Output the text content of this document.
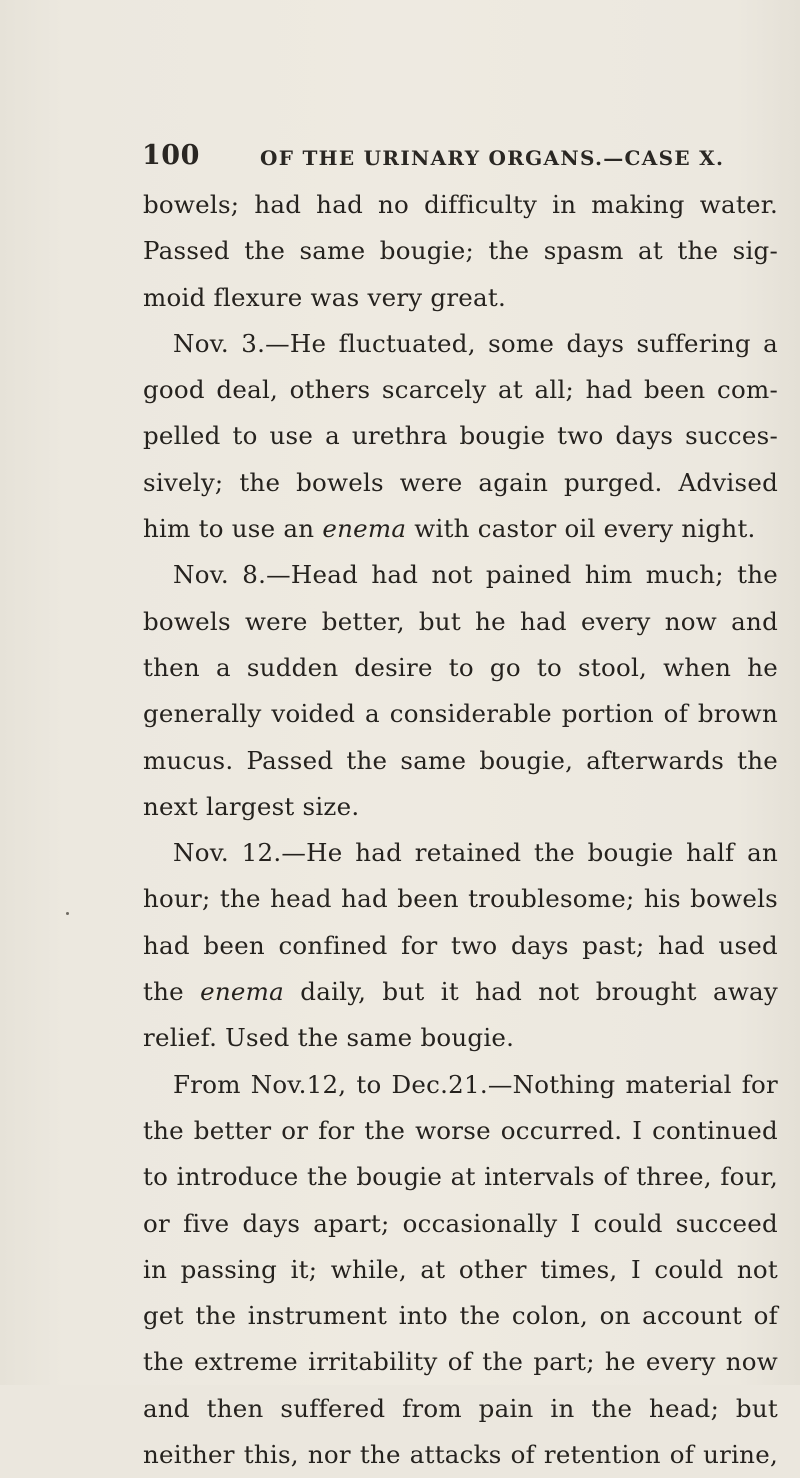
100	OF THE URINARY ORGANS.—CASE X.
bowels; had had no difficulty in making water.
Passed the same bougie; the spasm at the sig-
moid flexure was very great.
Nov. 3.—He fluctuated, some days suffering a
good deal, others scarcely at all; had been com-
pelled to use a urethra bougie two days succes-
sively; the bowels were again purged. Advised
him to use an enema with castor oil every night.
Nov. 8.—Head had not pained him much; the
bowels were better, but he had every now and
then a sudden desire to go to stool, when he
generally voided a considerable portion of brown
mucus. Passed the same bougie, afterwards the
next largest size.
Nov. 12.—He had retained the bougie half an
hour; the head had been troublesome; his bowels
had been confined for two days past; had used
the enema daily, but it had not brought away
relief. Used the same bougie.
From Nov.12, to Dec.21.—Nothing material for
the better or for the worse occurred. I continued
to introduce the bougie at intervals of three, four,
or five days apart; occasionally I could succeed
in passing it; while, at other times, I could not
get the instrument into the colon, on account of
the extreme irritability of the part; he every now
and then suffered from pain in the head; but
neither this, nor the attacks of retention of urine,
